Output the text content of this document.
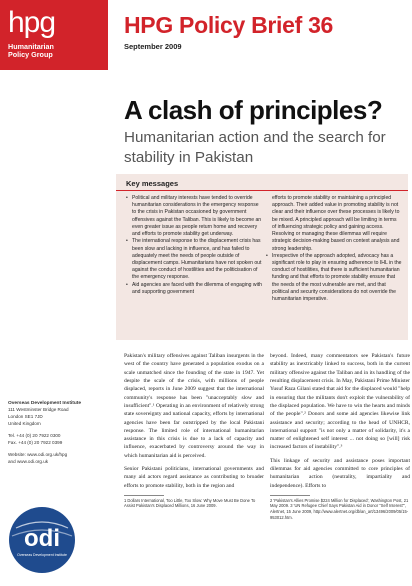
hpg
Humanitarian
Policy Group
HPG Policy Brief 36
September 2009
A clash of principles?
Humanitarian action and the search for stability in Pakistan
Key messages
• Political and military interests have tended to override humanitarian considerations in the emergency response to the crisis in Pakistan occasioned by government offensives against the Taliban. This is likely to become an even greater issue as people return home and recovery and efforts to promote stability get underway.
• The international response to the displacement crisis has been slow and lacking in influence, and has failed to adequately meet the needs of people outside of displacement camps. Humanitarians have not spoken out against the conduct of hostilities and the politicisation of the emergency response.
• Aid agencies are faced with the dilemma of engaging with and supporting government
efforts to promote stability or maintaining a principled approach. Their added value in promoting stability is not clear and their influence over these processes is likely to be mixed. A principled approach will be limiting in terms of influencing strategic policy and gaining access. Resolving or managing these dilemmas will require strategic decision-making based on context analysis and strong leadership.
• Irrespective of the approach adopted, advocacy has a significant role to play in ensuring adherence to IHL in the conduct of hostilities, that there is sufficient humanitarian funding and that efforts to promote stability ensure that the needs of the most vulnerable are met, and that political and security considerations do not override the humanitarian imperative.

Pakistan's military offensives against Taliban insurgents in the west of the country have generated a population exodus on a scale unmatched since the founding of the state in 1947. Yet despite the scale of the crisis, with millions of people displaced, reports in June 2009 suggest that the international community's response has been "unacceptably slow and insufficient".¹ Operating in an environment of relatively strong state sovereignty and national capacity, efforts by international agencies have been far outstripped by the local Pakistani response. The limited role of international humanitarian assistance in this crisis is due to a lack of capacity and influence, exacerbated by controversy around the way in which humanitarian aid is perceived.

Senior Pakistani politicians, international governments and many aid actors regard assistance as contributing to broader efforts to promote stability, both in the region and

1 Dollars International, Too Little, Too Slow: Why Move Must Be Done To Assist Pakistan's Displaced Millions, 16 June 2009.

beyond. Indeed, many commentators see Pakistan's future stability as inextricably linked to success, both in the current military offensive against the Taliban and in its handling of the resulting displacement crisis. In May, Pakistani Prime Minister Yusuf Raza Gilani stated that aid for the displaced would "help in ensuring that the militants don't exploit the vulnerability of the displaced population. We have to win the hearts and minds of the people".² Donors and some aid agencies likewise link assistance and security; according to the head of UNHCR, international support "is not only a matter of solidarity, it's a matter of enlightened self interest ... not doing so [will] risk increased factors of instability".³

This linkage of security and assistance poses important dilemmas for aid agencies committed to core principles of humanitarian action (neutrality, impartiality and independence). Efforts to

2 'Pakistan's Allies Promise $224 Million for Displaced', Washington Post, 21 May 2009. 3 'UN Refugee Chief Says Pakistan Aid in Donor "Self Interest"', Alertnet, 15 June 2009, http://www.alertnet.org/db/an_art/13496/2009/05/15-953012.htm.
Overseas Development Institute
111 Westminster Bridge Road
London SE1 7JD
United Kingdom
Tel. +44 (0) 20 7922 0300
Fax. +44 (0) 20 7922 0399
Website: www.odi.org.uk/hpg
and www.odi.org.uk
odi
Overseas Development Institute
